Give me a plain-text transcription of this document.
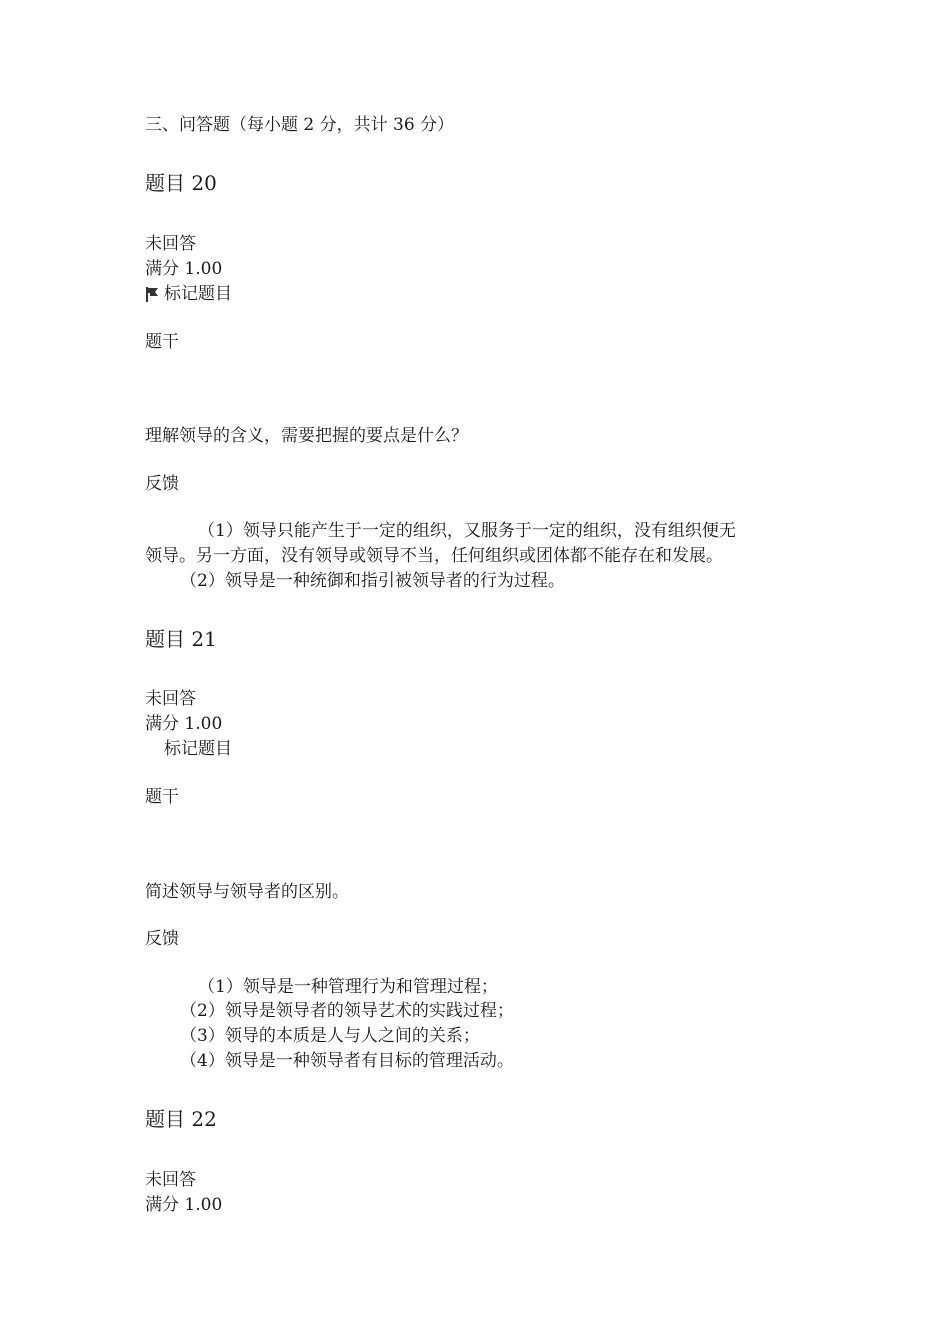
三、问答题（每小题 2 分，共计 36 分）
题目 20
未回答
满分 1.00
标记题目
题干
理解领导的含义，需要把握的要点是什么？
反馈
（1）领导只能产生于一定的组织，又服务于一定的组织，没有组织便无
领导。另一方面，没有领导或领导不当，任何组织或团体都不能存在和发展。
（2）领导是一种统御和指引被领导者的行为过程。
题目 21
未回答
满分 1.00
标记题目
题干
简述领导与领导者的区别。
反馈
（1）领导是一种管理行为和管理过程；
（2）领导是领导者的领导艺术的实践过程；
（3）领导的本质是人与人之间的关系；
（4）领导是一种领导者有目标的管理活动。
题目 22
未回答
满分 1.00
